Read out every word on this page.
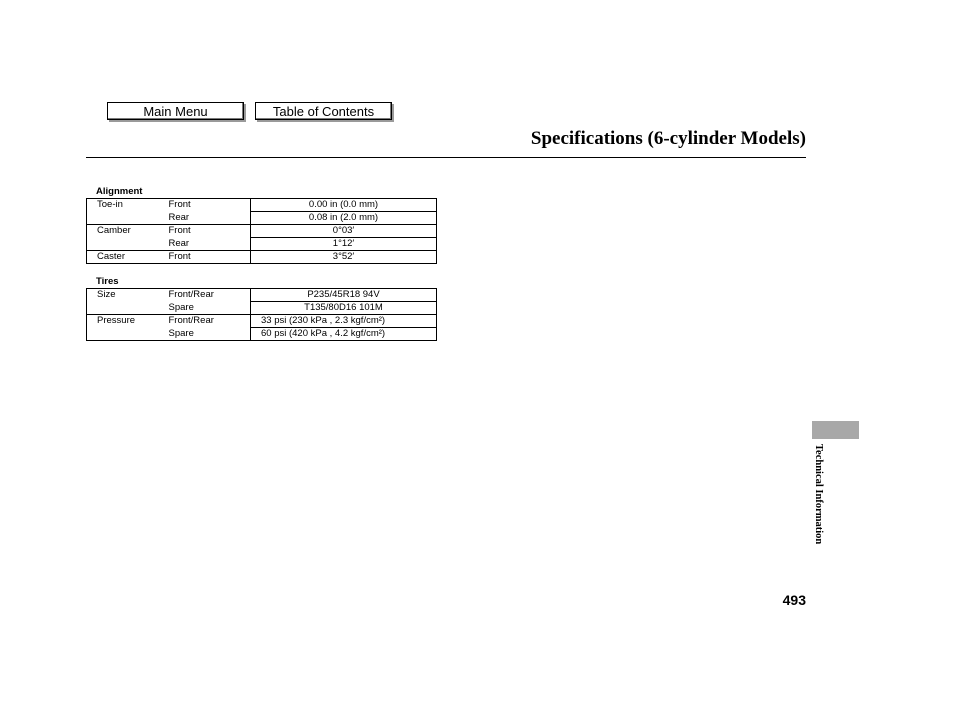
Main Menu	Table of Contents
Specifications (6-cylinder Models)
Alignment
Toe-in	Front	0.00 in (0.0 mm)
	Rear	0.08 in (2.0 mm)
Camber	Front	0°03′
	Rear	1°12′
Caster	Front	3°52′
Tires
Size	Front/Rear	P235/45R18 94V
	Spare	T135/80D16 101M
Pressure	Front/Rear	33 psi (230 kPa , 2.3 kgf/cm²)
	Spare	60 psi (420 kPa , 4.2 kgf/cm²)
Technical Information
493
